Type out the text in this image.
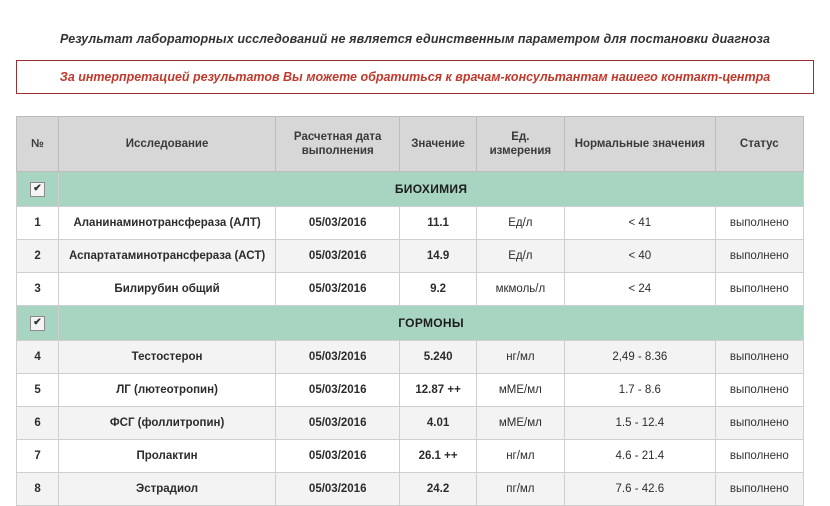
Результат лабораторных исследований не является единственным параметром для постановки диагноза
За интерпретацией результатов Вы можете обратиться к врачам-консультантам нашего контакт-центра
№	Исследование	Расчетная дата выполнения	Значение	Ед. измерения	Нормальные значения	Статус
✔	БИОХИМИЯ					
1	Аланинаминотрансфераза (АЛТ)	05/03/2016	11.1	Ед/л	< 41	выполнено
2	Аспартатаминотрансфераза (АСТ)	05/03/2016	14.9	Ед/л	< 40	выполнено
3	Билирубин общий	05/03/2016	9.2	мкмоль/л	< 24	выполнено
✔	ГОРМОНЫ					
4	Тестостерон	05/03/2016	5.240	нг/мл	2,49 - 8.36	выполнено
5	ЛГ (лютеотропин)	05/03/2016	12.87 ++	мМЕ/мл	1.7 - 8.6	выполнено
6	ФСГ (фоллитропин)	05/03/2016	4.01	мМЕ/мл	1.5 - 12.4	выполнено
7	Пролактин	05/03/2016	26.1 ++	нг/мл	4.6 - 21.4	выполнено
8	Эстрадиол	05/03/2016	24.2	пг/мл	7.6 - 42.6	выполнено
